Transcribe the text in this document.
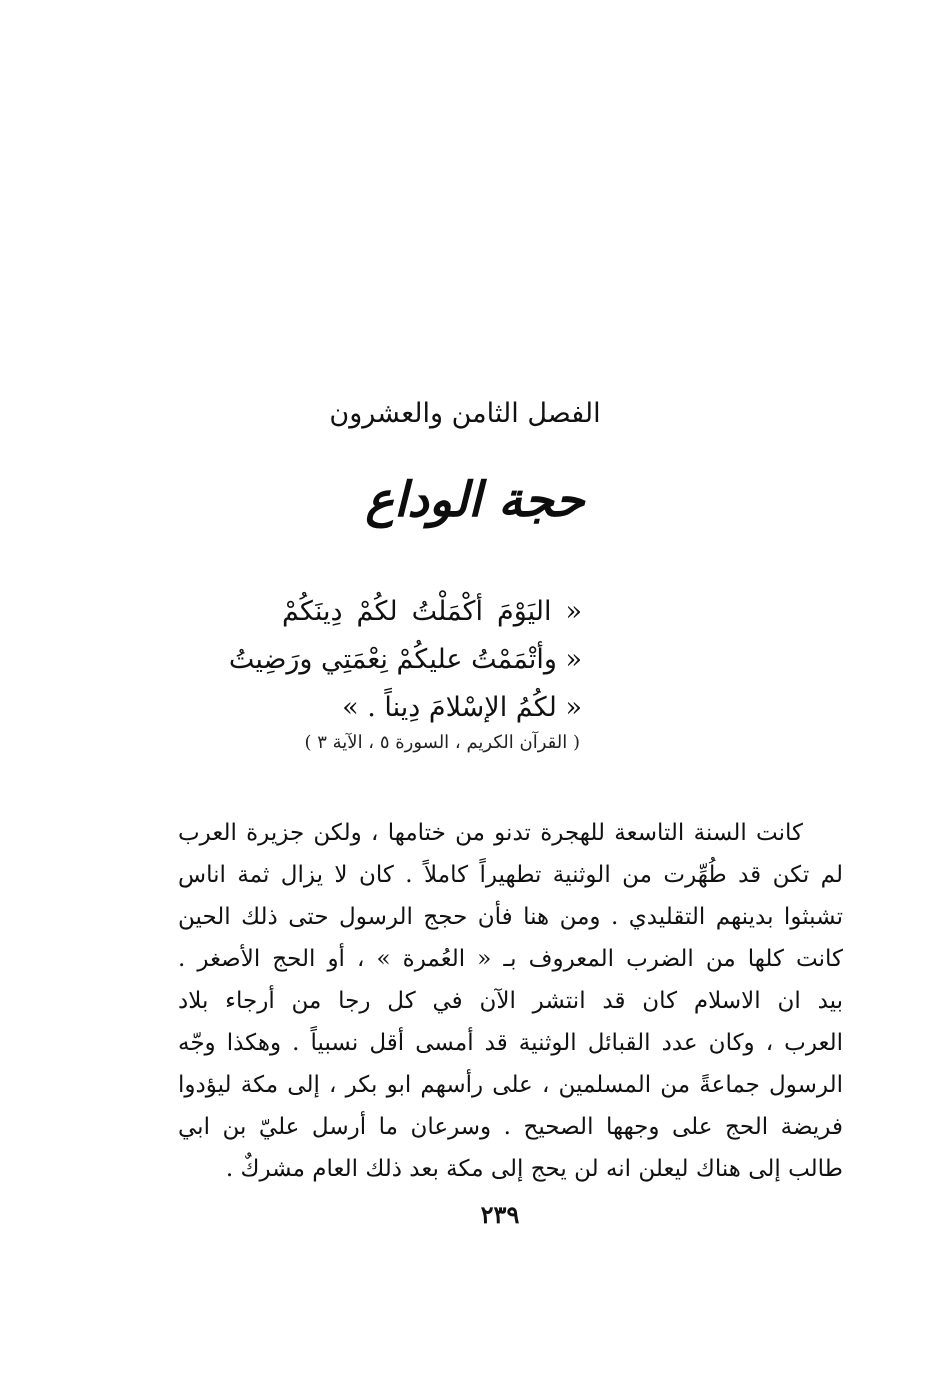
الفصل الثامن والعشرون
حجة الوداع
« اليَوْمَ أكْمَلْتُ لكُمْ دِينَكُمْ
« وأتْمَمْتُ عليكُمْ نِعْمَتِي ورَضِيتُ
« لكُمُ الإسْلامَ دِيناً . »
( القرآن الكريم ، السورة ٥ ، الآية ٣ )
كانت السنة التاسعة للهجرة تدنو من ختامها ، ولكن جزيرة العرب
لم تكن قد طُهِّرت من الوثنية تطهيراً كاملاً . كان لا يزال ثمة اناس
تشبثوا بدينهم التقليدي . ومن هنا فأن حجج الرسول حتى ذلك الحين
كانت كلها من الضرب المعروف بـ « العُمرة » ، أو الحج الأصغر .
بيد ان الاسلام كان قد انتشر الآن في كل رجا من أرجاء بلاد
العرب ، وكان عدد القبائل الوثنية قد أمسى أقل نسبياً . وهكذا وجّه
الرسول جماعةً من المسلمين ، على رأسهم ابو بكر ، إلى مكة ليؤدوا
فريضة الحج على وجهها الصحيح . وسرعان ما أرسل عليّ بن ابي
طالب إلى هناك ليعلن انه لن يحج إلى مكة بعد ذلك العام مشركٌ .
٢٣٩
